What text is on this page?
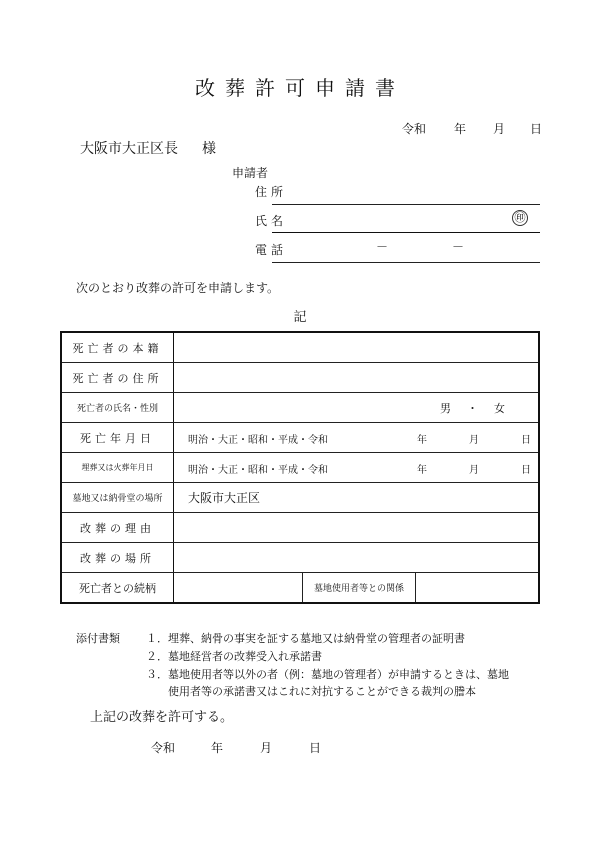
改葬許可申請書
令和 年 月 日
大阪市大正区長 様
申請者
住所
氏名	㊞
電話	－	－
次のとおり改葬の許可を申請します。
記
死亡者の本籍			
死亡者の住所			
死亡者の氏名・性別	男 ・ 女		

死亡年月日	明治・大正・昭和・平成・令和 年 月 日		

埋葬又は火葬年月日	明治・大正・昭和・平成・令和 年 月 日		

墓地又は納骨堂の場所	大阪市大正区		

改葬の理由			
改葬の場所			
死亡者との続柄		墓地使用者等との関係	
添付書類 １．埋葬、納骨の事実を証する墓地又は納骨堂の管理者の証明書
２．墓地経営者の改葬受入れ承諾書
３．墓地使用者等以外の者（例：墓地の管理者）が申請するときは、墓地
　　使用者等の承諾書又はこれに対抗することができる裁判の謄本
上記の改葬を許可する。
令和	年	月	日
